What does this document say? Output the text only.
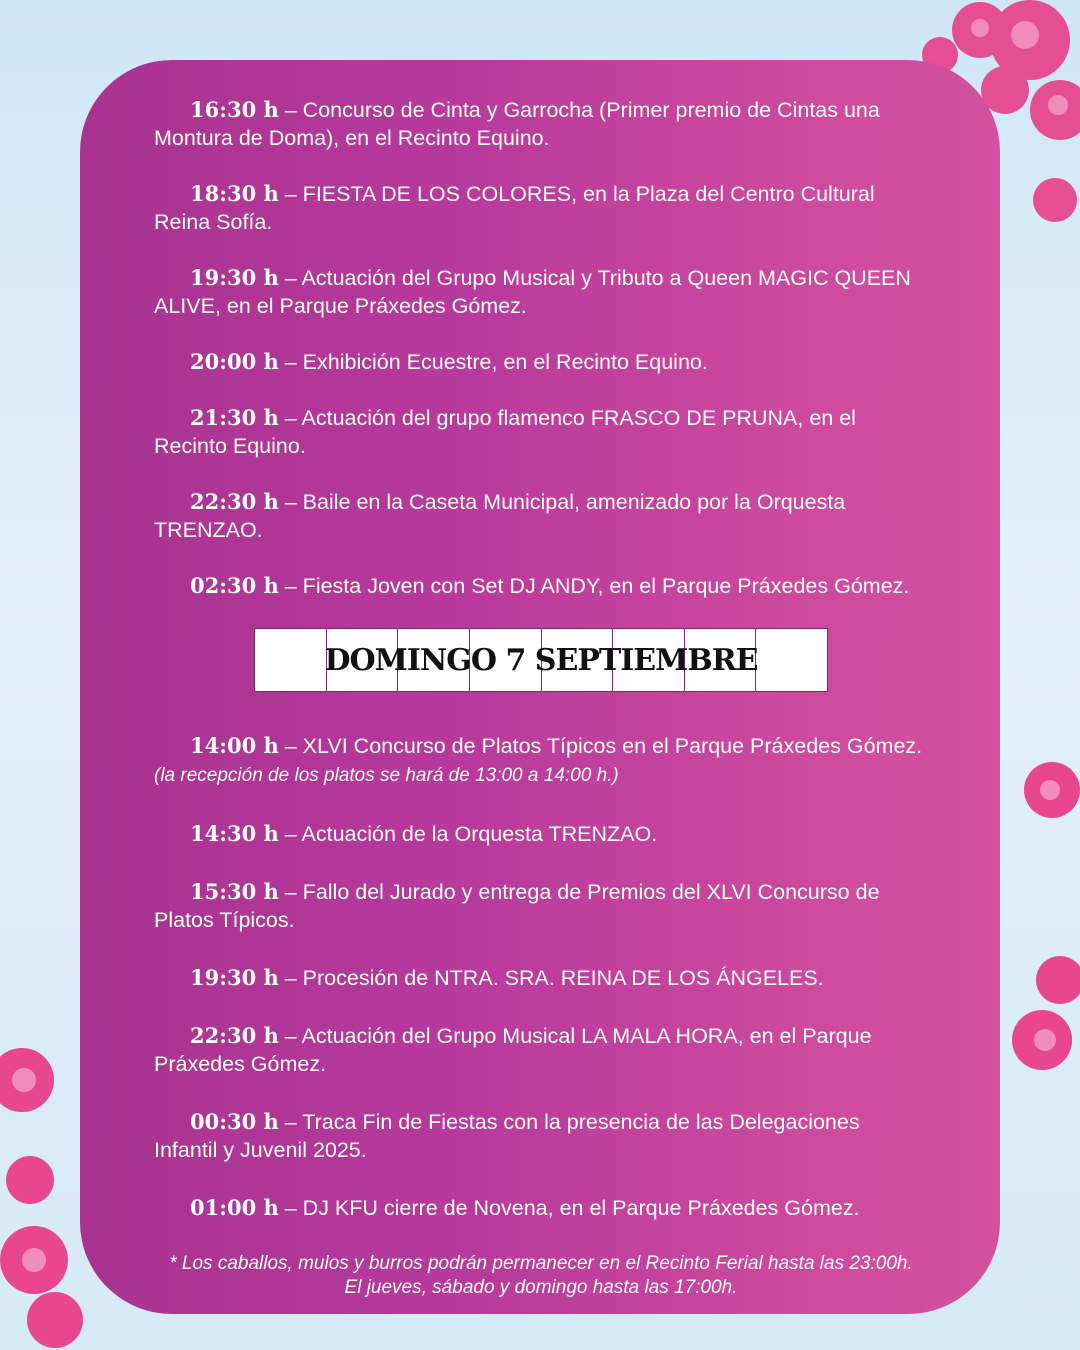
16:30 h – Concurso de Cinta y Garrocha (Primer premio de Cintas una Montura de Doma), en el Recinto Equino.

18:30 h – FIESTA DE LOS COLORES, en la Plaza del Centro Cultural Reina Sofía.

19:30 h – Actuación del Grupo Musical y Tributo a Queen MAGIC QUEEN ALIVE, en el Parque Práxedes Gómez.

20:00 h – Exhibición Ecuestre, en el Recinto Equino.

21:30 h – Actuación del grupo flamenco FRASCO DE PRUNA, en el Recinto Equino.

22:30 h – Baile en la Caseta Municipal, amenizado por la Orquesta TRENZAO.

02:30 h – Fiesta Joven con Set DJ ANDY, en el Parque Práxedes Gómez.

DOMINGO 7 SEPTIEMBRE

14:00 h – XLVI Concurso de Platos Típicos en el Parque Práxedes Gómez. (la recepción de los platos se hará de 13:00 a 14:00 h.)

14:30 h – Actuación de la Orquesta TRENZAO.

15:30 h – Fallo del Jurado y entrega de Premios del XLVI Concurso de Platos Típicos.

19:30 h – Procesión de NTRA. SRA. REINA DE LOS ÁNGELES.

22:30 h – Actuación del Grupo Musical LA MALA HORA, en el Parque Práxedes Gómez.

00:30 h – Traca Fin de Fiestas con la presencia de las Delegaciones Infantil y Juvenil 2025.

01:00 h – DJ KFU cierre de Novena, en el Parque Práxedes Gómez.

* Los caballos, mulos y burros podrán permanecer en el Recinto Ferial hasta las 23:00h. El jueves, sábado y domingo hasta las 17:00h.
